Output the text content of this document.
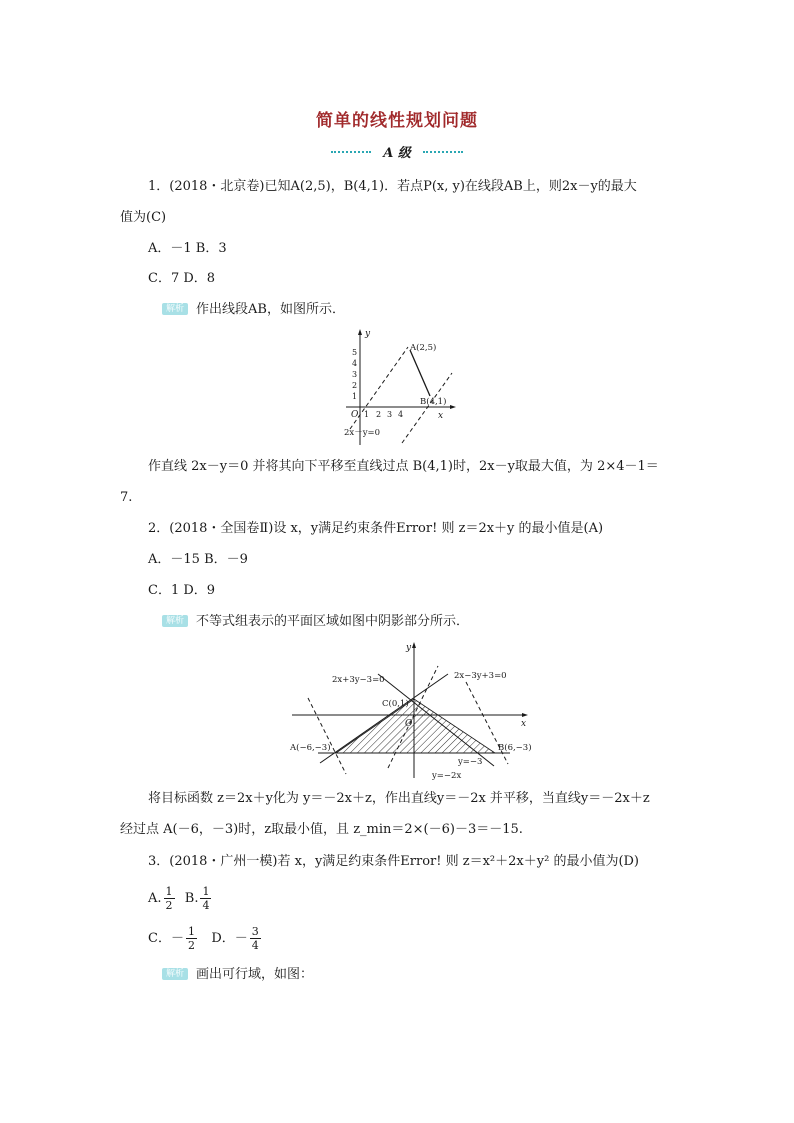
简单的线性规划问题
A 级
1．(2018・北京卷)已知A(2,5)，B(4,1)．若点P(x, y)在线段AB上，则2x－y的最大
值为(C)
A．－1 B．3
C．7 D．8
解析 作出线段AB，如图所示．
y
x
O 1 2 3 4
1
2
3
4
5	A(2,5)
B(4,1)
2x－y=0
作直线 2x－y＝0 并将其向下平移至直线过点 B(4,1)时，2x－y取最大值，为 2×4－1＝
7.
2．(2018・全国卷Ⅱ)设 x，y满足约束条件Error! 则 z＝2x＋y 的最小值是(A)
A．－15 B．－9
C．1 D．9
解析 不等式组表示的平面区域如图中阴影部分所示．
y
x
O
2x+3y−3=0	2x−3y+3=0
C(0,1)
A(−6,−3)	B(6,−3)
y=−3
y=−2x
将目标函数 z＝2x＋y化为 y＝－2x＋z，作出直线y＝－2x 并平移，当直线y＝－2x＋z
经过点 A(－6，－3)时，z取最小值，且 z_min＝2×(－6)－3＝－15.
3．(2018・广州一模)若 x，y满足约束条件Error! 则 z＝x²＋2x＋y² 的最小值为(D)
A. $\frac{1}{2} B$. $\frac{1}{4}$
C．－ $\frac{1}{2}$ D．－ $\frac{3}{4}$
解析 画出可行域，如图：
